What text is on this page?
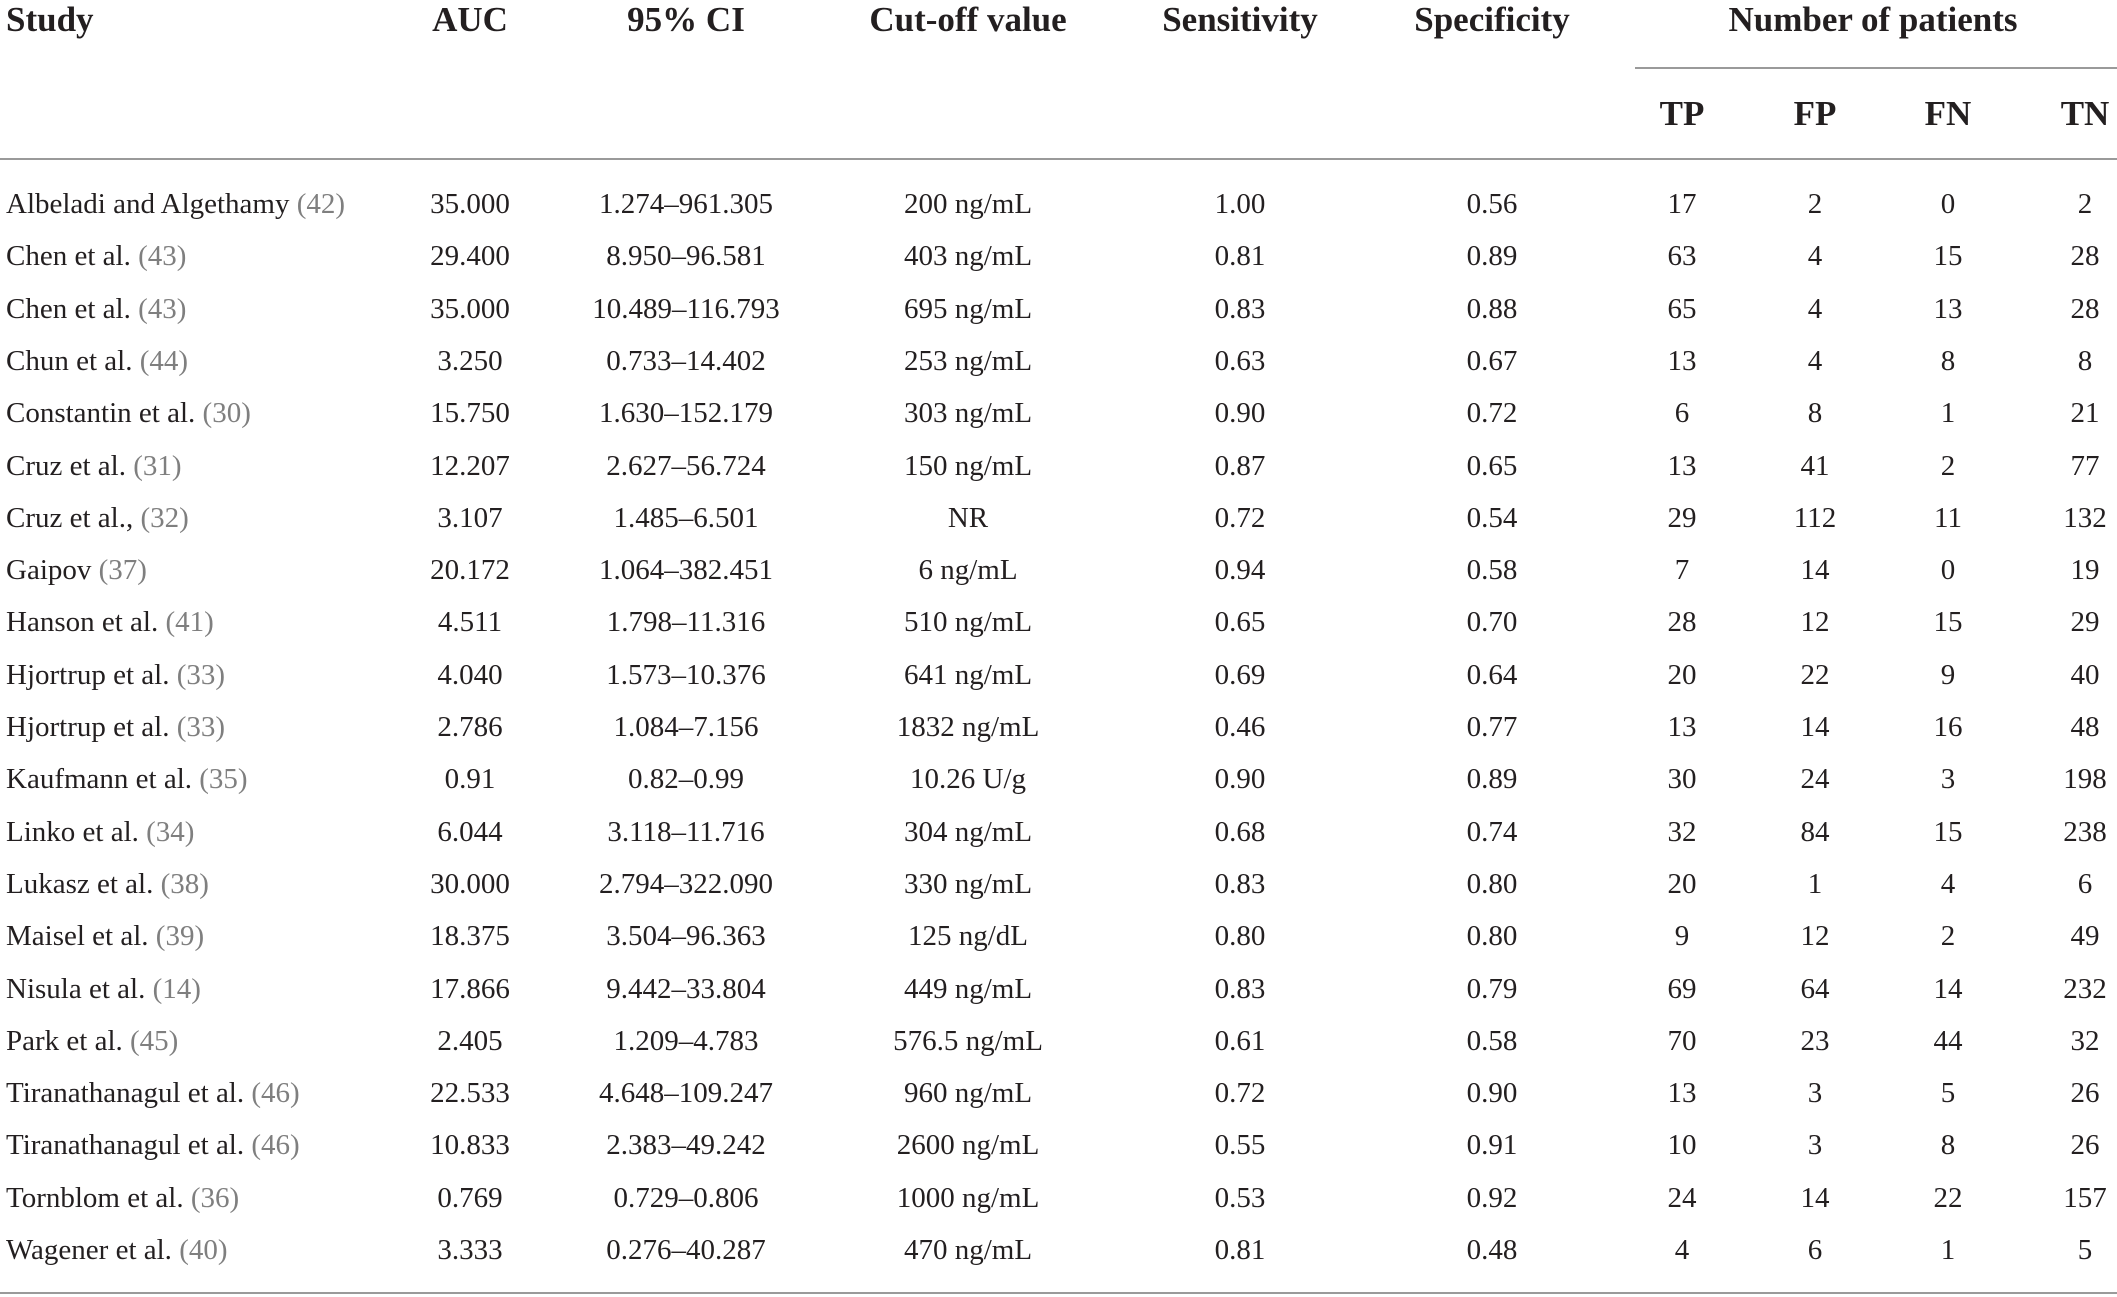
Study	AUC	95% CI	Cut-off value	Sensitivity	Specificity	Number of patients
TP	FP	FN	TN
Albeladi and Algethamy (42)	35.000	1.274–961.305	200 ng/mL	1.00	0.56	17	2	0	2
Chen et al. (43)	29.400	8.950–96.581	403 ng/mL	0.81	0.89	63	4	15	28
Chen et al. (43)	35.000	10.489–116.793	695 ng/mL	0.83	0.88	65	4	13	28
Chun et al. (44)	3.250	0.733–14.402	253 ng/mL	0.63	0.67	13	4	8	8
Constantin et al. (30)	15.750	1.630–152.179	303 ng/mL	0.90	0.72	6	8	1	21
Cruz et al. (31)	12.207	2.627–56.724	150 ng/mL	0.87	0.65	13	41	2	77
Cruz et al., (32)	3.107	1.485–6.501	NR	0.72	0.54	29	112	11	132
Gaipov (37)	20.172	1.064–382.451	6 ng/mL	0.94	0.58	7	14	0	19
Hanson et al. (41)	4.511	1.798–11.316	510 ng/mL	0.65	0.70	28	12	15	29
Hjortrup et al. (33)	4.040	1.573–10.376	641 ng/mL	0.69	0.64	20	22	9	40
Hjortrup et al. (33)	2.786	1.084–7.156	1832 ng/mL	0.46	0.77	13	14	16	48
Kaufmann et al. (35)	0.91	0.82–0.99	10.26 U/g	0.90	0.89	30	24	3	198
Linko et al. (34)	6.044	3.118–11.716	304 ng/mL	0.68	0.74	32	84	15	238
Lukasz et al. (38)	30.000	2.794–322.090	330 ng/mL	0.83	0.80	20	1	4	6
Maisel et al. (39)	18.375	3.504–96.363	125 ng/dL	0.80	0.80	9	12	2	49
Nisula et al. (14)	17.866	9.442–33.804	449 ng/mL	0.83	0.79	69	64	14	232
Park et al. (45)	2.405	1.209–4.783	576.5 ng/mL	0.61	0.58	70	23	44	32
Tiranathanagul et al. (46)	22.533	4.648–109.247	960 ng/mL	0.72	0.90	13	3	5	26
Tiranathanagul et al. (46)	10.833	2.383–49.242	2600 ng/mL	0.55	0.91	10	3	8	26
Tornblom et al. (36)	0.769	0.729–0.806	1000 ng/mL	0.53	0.92	24	14	22	157
Wagener et al. (40)	3.333	0.276–40.287	470 ng/mL	0.81	0.48	4	6	1	5
